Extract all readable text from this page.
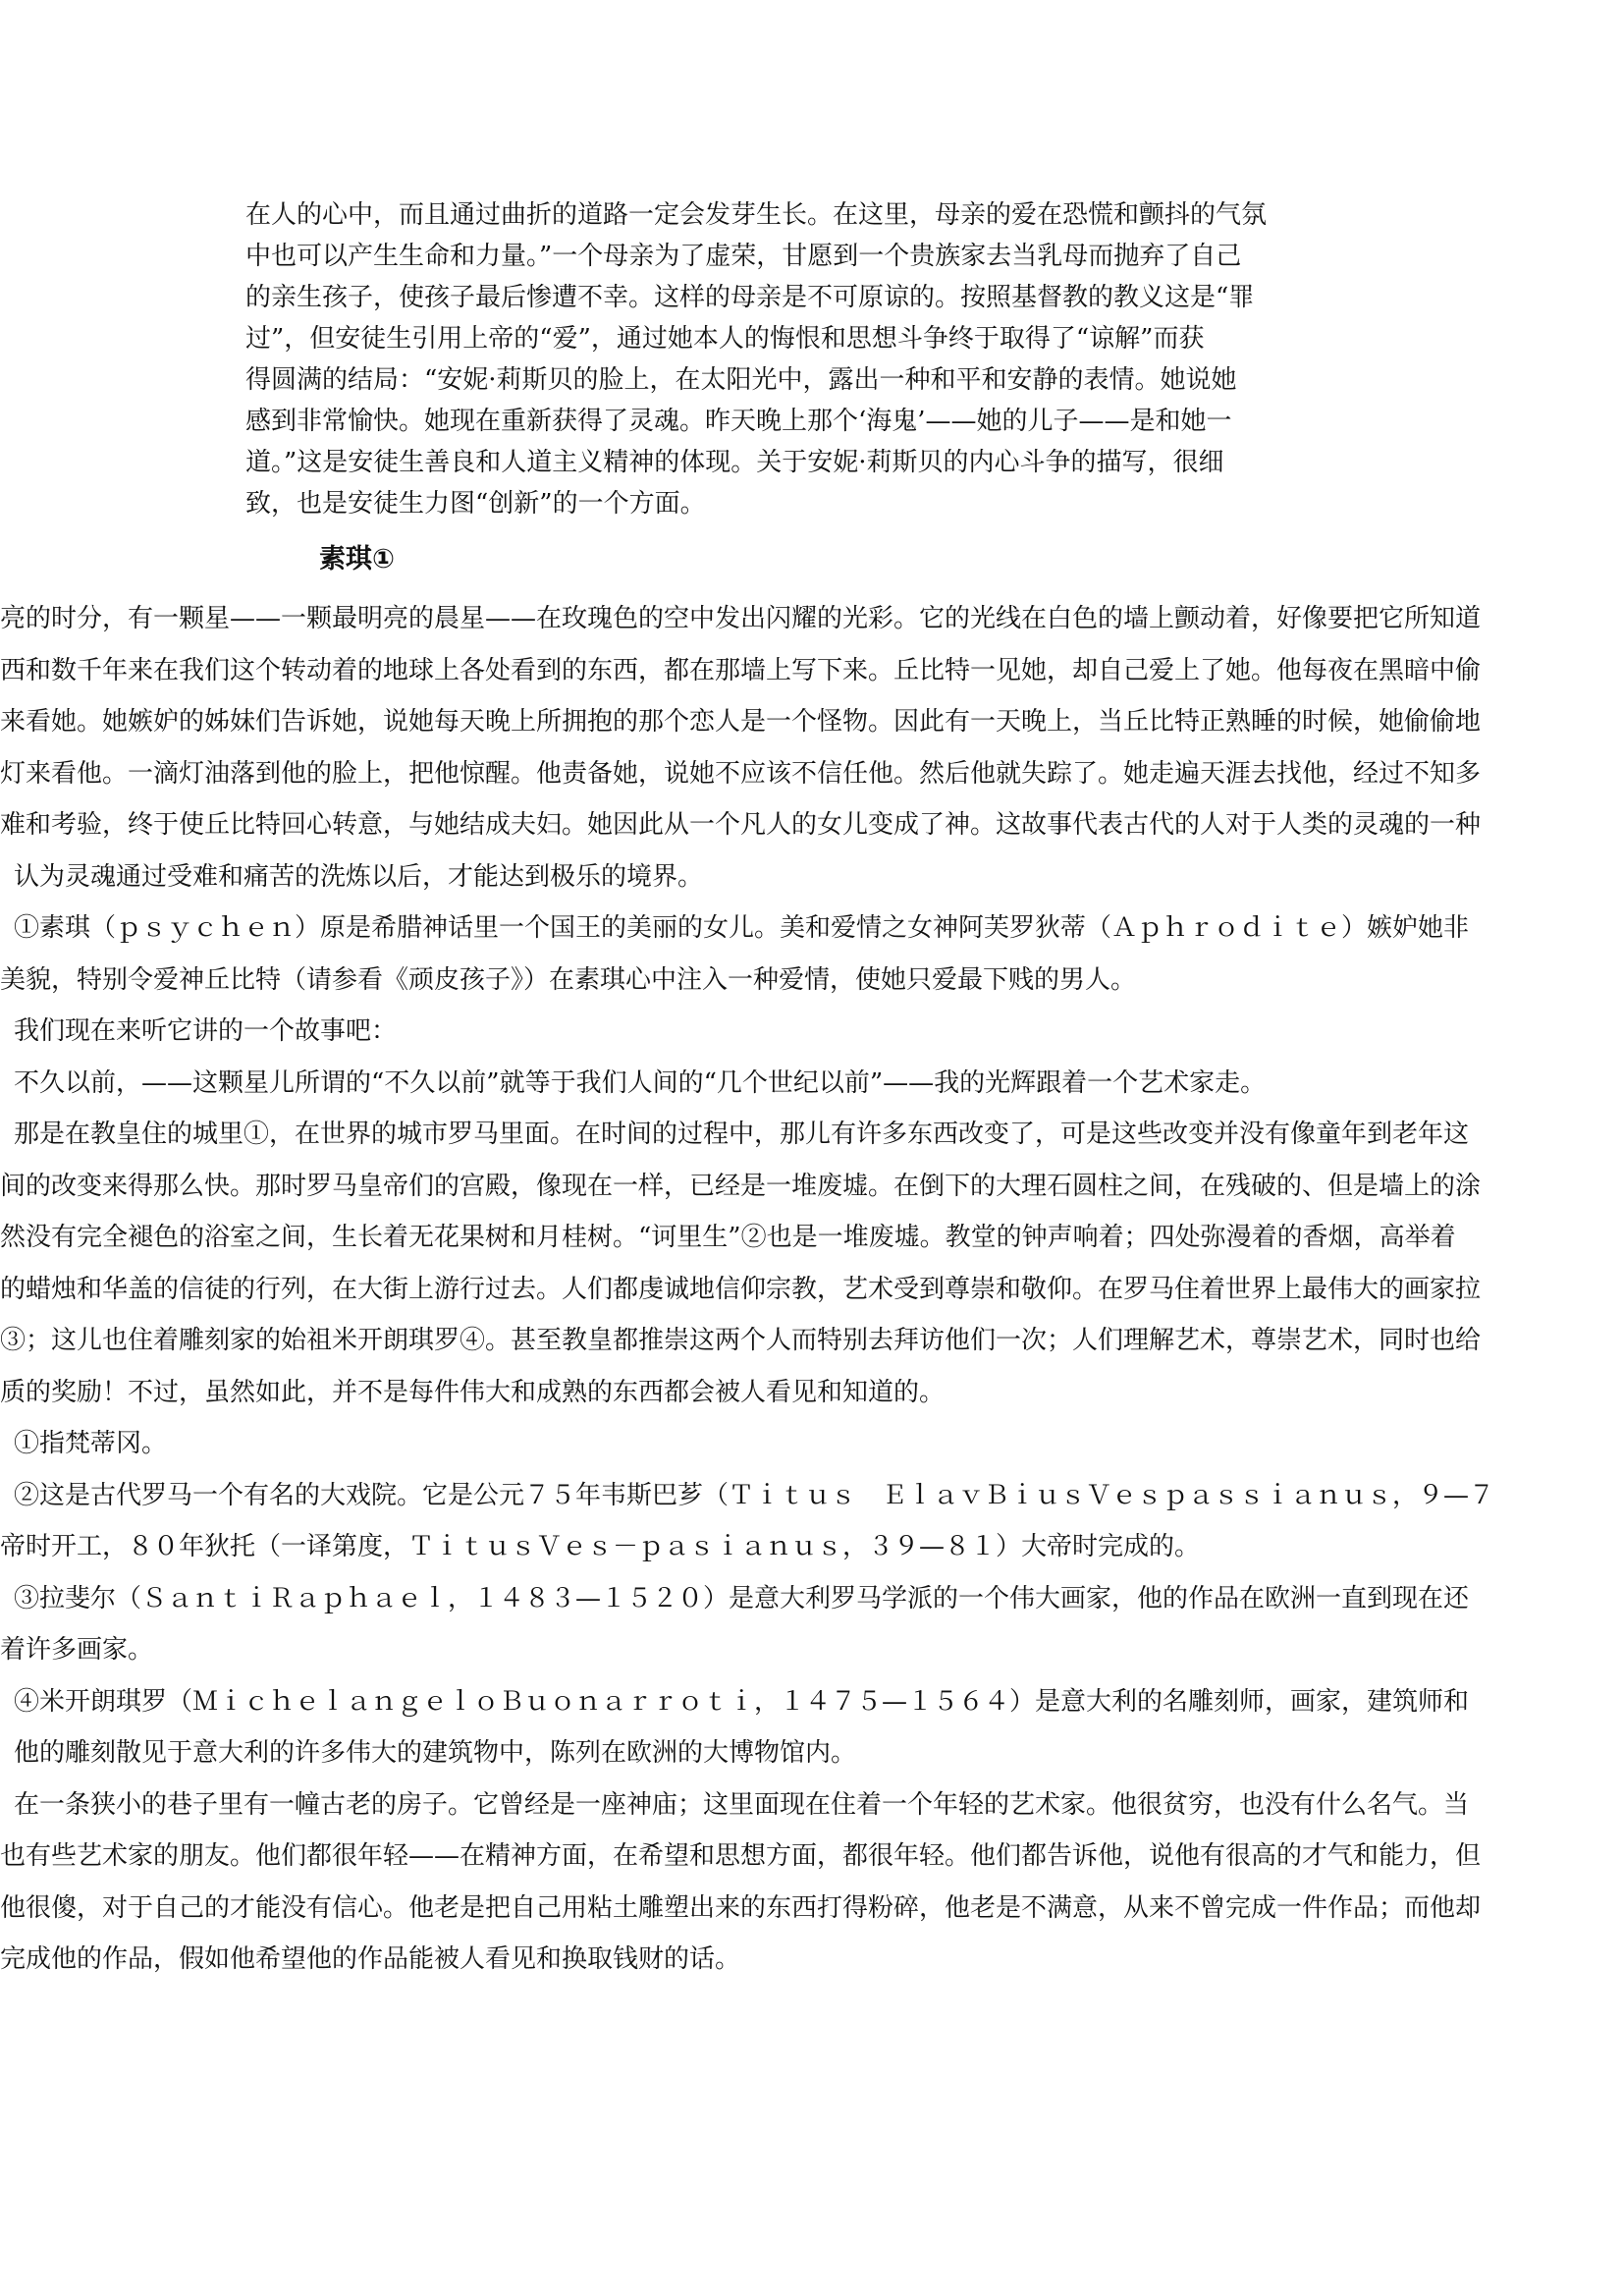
在人的心中，而且通过曲折的道路一定会发芽生长。在这里，母亲的爱在恐慌和颤抖的气氛

中也可以产生生命和力量。”一个母亲为了虚荣，甘愿到一个贵族家去当乳母而抛弃了自己

的亲生孩子，使孩子最后惨遭不幸。这样的母亲是不可原谅的。按照基督教的教义这是“罪

过”，但安徒生引用上帝的“爱”，通过她本人的悔恨和思想斗争终于取得了“谅解”而获

得圆满的结局：“安妮·莉斯贝的脸上，在太阳光中，露出一种和平和安静的表情。她说她

感到非常愉快。她现在重新获得了灵魂。昨天晚上那个‘海鬼’——她的儿子——是和她一

道。”这是安徒生善良和人道主义精神的体现。关于安妮·莉斯贝的内心斗争的描写，很细

致，也是安徒生力图“创新”的一个方面。

素琪①

亮的时分，有一颗星——一颗最明亮的晨星——在玫瑰色的空中发出闪耀的光彩。它的光线在白色的墙上颤动着，好像要把它所知道

西和数千年来在我们这个转动着的地球上各处看到的东西，都在那墙上写下来。丘比特一见她，却自己爱上了她。他每夜在黑暗中偷

来看她。她嫉妒的姊妹们告诉她，说她每天晚上所拥抱的那个恋人是一个怪物。因此有一天晚上，当丘比特正熟睡的时候，她偷偷地

灯来看他。一滴灯油落到他的脸上，把他惊醒。他责备她，说她不应该不信任他。然后他就失踪了。她走遍天涯去找他，经过不知多

难和考验，终于使丘比特回心转意，与她结成夫妇。她因此从一个凡人的女儿变成了神。这故事代表古代的人对于人类的灵魂的一种

认为灵魂通过受难和痛苦的洗炼以后，才能达到极乐的境界。

①素琪（ｐｓｙｃｈｅｎ）原是希腊神话里一个国王的美丽的女儿。美和爱情之女神阿芙罗狄蒂（Ａｐｈｒｏｄｉｔｅ）嫉妒她非

美貌，特别令爱神丘比特（请参看《顽皮孩子》）在素琪心中注入一种爱情，使她只爱最下贱的男人。

我们现在来听它讲的一个故事吧：

不久以前，——这颗星儿所谓的“不久以前”就等于我们人间的“几个世纪以前”——我的光辉跟着一个艺术家走。

那是在教皇住的城里①，在世界的城市罗马里面。在时间的过程中，那儿有许多东西改变了，可是这些改变并没有像童年到老年这

间的改变来得那么快。那时罗马皇帝们的宫殿，像现在一样，已经是一堆废墟。在倒下的大理石圆柱之间，在残破的、但是墙上的涂

然没有完全褪色的浴室之间，生长着无花果树和月桂树。“诃里生”②也是一堆废墟。教堂的钟声响着；四处弥漫着的香烟，高举着

的蜡烛和华盖的信徒的行列，在大街上游行过去。人们都虔诚地信仰宗教，艺术受到尊崇和敬仰。在罗马住着世界上最伟大的画家拉

③；这儿也住着雕刻家的始祖米开朗琪罗④。甚至教皇都推崇这两个人而特别去拜访他们一次；人们理解艺术，尊崇艺术，同时也给

质的奖励！不过，虽然如此，并不是每件伟大和成熟的东西都会被人看见和知道的。

①指梵蒂冈。

②这是古代罗马一个有名的大戏院。它是公元７５年韦斯巴芗（Ｔｉｔｕｓ　ＥｌａｖＢｉｕｓＶｅｓｐａｓｓｉａｎｕｓ，９—７

帝时开工，８０年狄托（一译第度，ＴｉｔｕｓＶｅｓ－ｐａｓｉａｎｕｓ，３９—８１）大帝时完成的。

③拉斐尔（ＳａｎｔｉＲａｐｈａｅｌ，１４８３—１５２０）是意大利罗马学派的一个伟大画家，他的作品在欧洲一直到现在还

着许多画家。

④米开朗琪罗（ＭｉｃｈｅｌａｎｇｅｌｏＢｕｏｎａｒｒｏｔｉ，１４７５—１５６４）是意大利的名雕刻师，画家，建筑师和

他的雕刻散见于意大利的许多伟大的建筑物中，陈列在欧洲的大博物馆内。

在一条狭小的巷子里有一幢古老的房子。它曾经是一座神庙；这里面现在住着一个年轻的艺术家。他很贫穷，也没有什么名气。当

也有些艺术家的朋友。他们都很年轻——在精神方面，在希望和思想方面，都很年轻。他们都告诉他，说他有很高的才气和能力，但

他很傻，对于自己的才能没有信心。他老是把自己用粘土雕塑出来的东西打得粉碎，他老是不满意，从来不曾完成一件作品；而他却

完成他的作品，假如他希望他的作品能被人看见和换取钱财的话。
